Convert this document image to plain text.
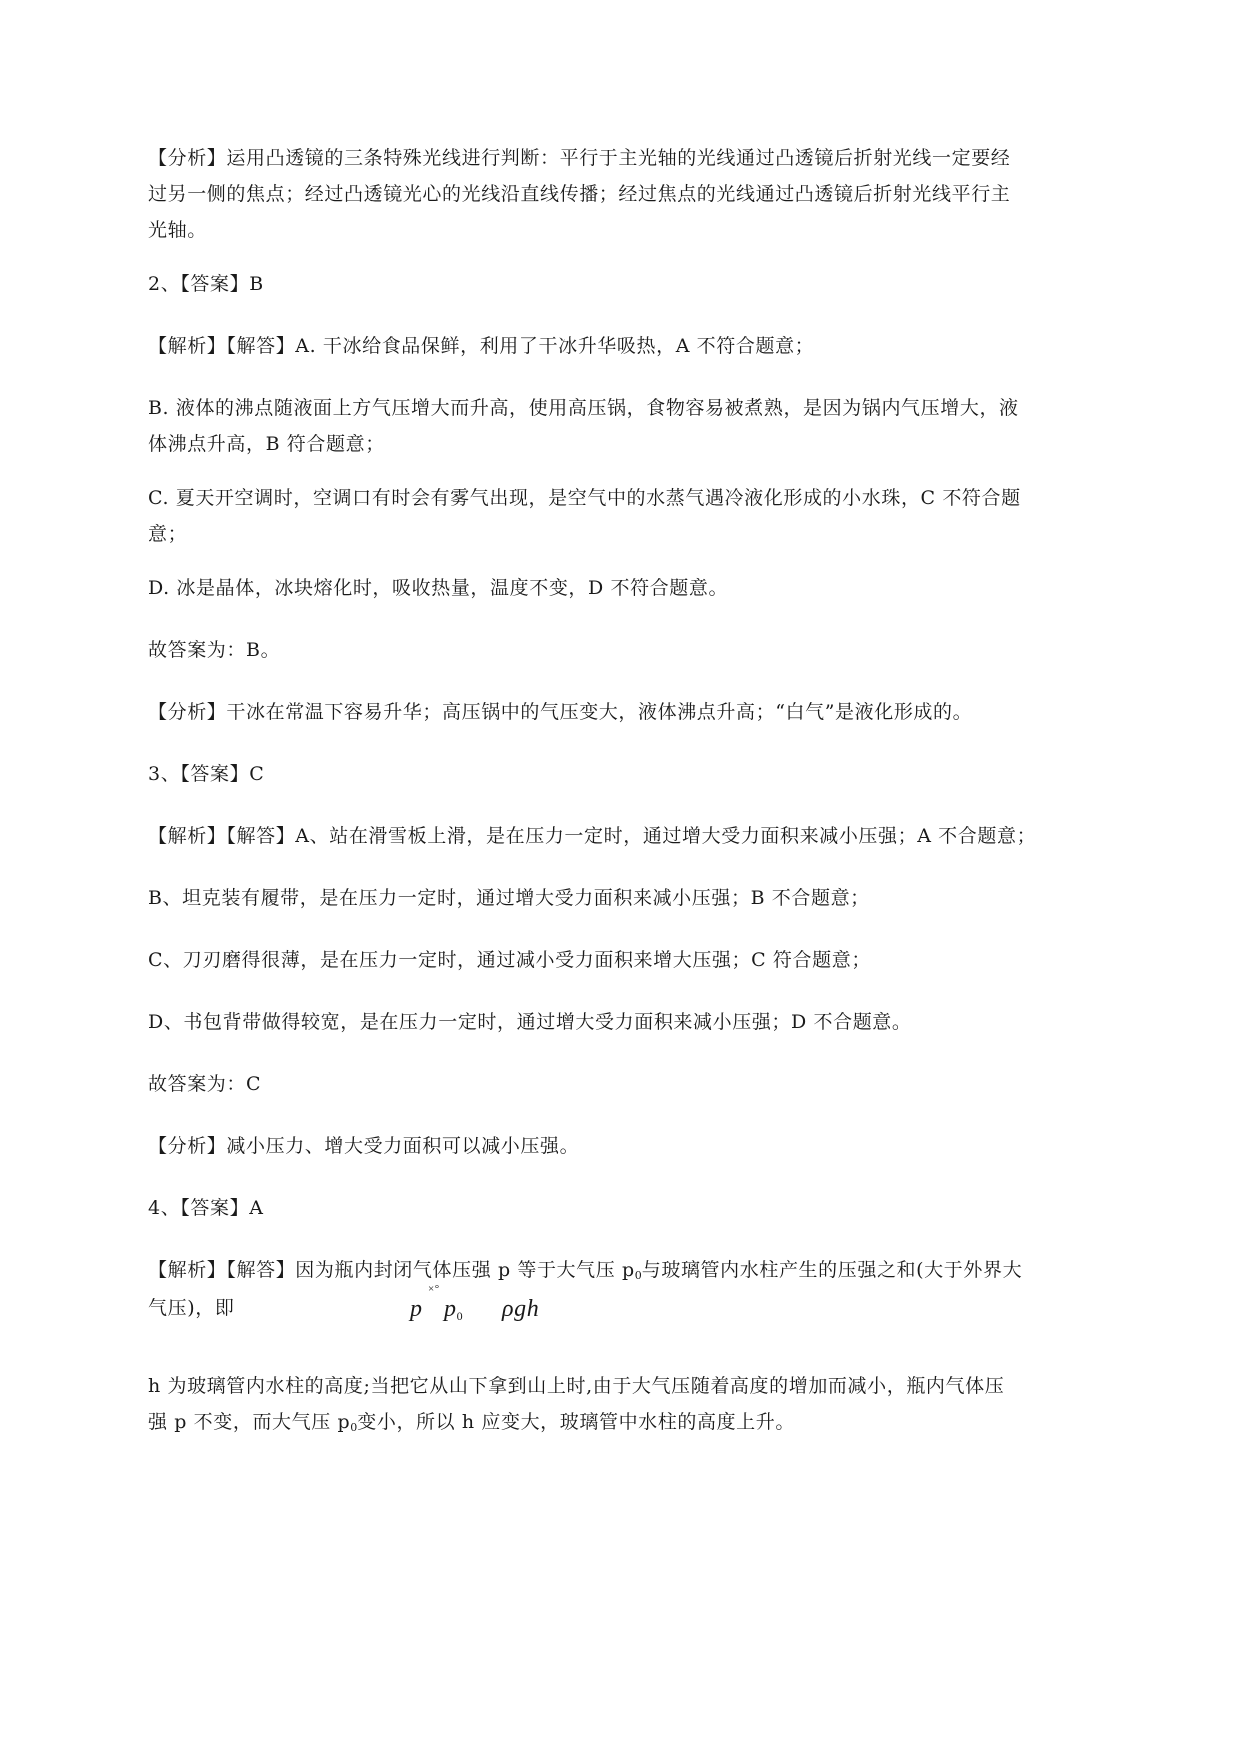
【分析】运用凸透镜的三条特殊光线进行判断：平行于主光轴的光线通过凸透镜后折射光线一定要经
过另一侧的焦点；经过凸透镜光心的光线沿直线传播；经过焦点的光线通过凸透镜后折射光线平行主
光轴。
2、【答案】B
【解析】【解答】A. 干冰给食品保鲜，利用了干冰升华吸热，A 不符合题意；
B. 液体的沸点随液面上方气压增大而升高，使用高压锅，食物容易被煮熟，是因为锅内气压增大，液
体沸点升高，B 符合题意；
C. 夏天开空调时，空调口有时会有雾气出现，是空气中的水蒸气遇冷液化形成的小水珠，C 不符合题
意；
D. 冰是晶体，冰块熔化时，吸收热量，温度不变，D 不符合题意。
故答案为：B。
【分析】干冰在常温下容易升华；高压锅中的气压变大，液体沸点升高；“白气”是液化形成的。
3、【答案】C
【解析】【解答】A、站在滑雪板上滑，是在压力一定时，通过增大受力面积来减小压强；A 不合题意；
B、坦克装有履带，是在压力一定时，通过增大受力面积来减小压强；B 不合题意；
C、刀刃磨得很薄，是在压力一定时，通过减小受力面积来增大压强；C 符合题意；
D、书包背带做得较宽，是在压力一定时，通过增大受力面积来减小压强；D 不合题意。
故答案为：C
【分析】减小压力、增大受力面积可以减小压强。
4、【答案】A
【解析】【解答】因为瓶内封闭气体压强 p 等于大气压 $p_0$与玻璃管内水柱产生的压强之和(大于外界大
气压)，即	p
×°
$p_0$ ρgh
h 为玻璃管内水柱的高度;当把它从山下拿到山上时,由于大气压随着高度的增加而减小，瓶内气体压
强 p 不变，而大气压 $p_0$变小，所以 h 应变大，玻璃管中水柱的高度上升。
